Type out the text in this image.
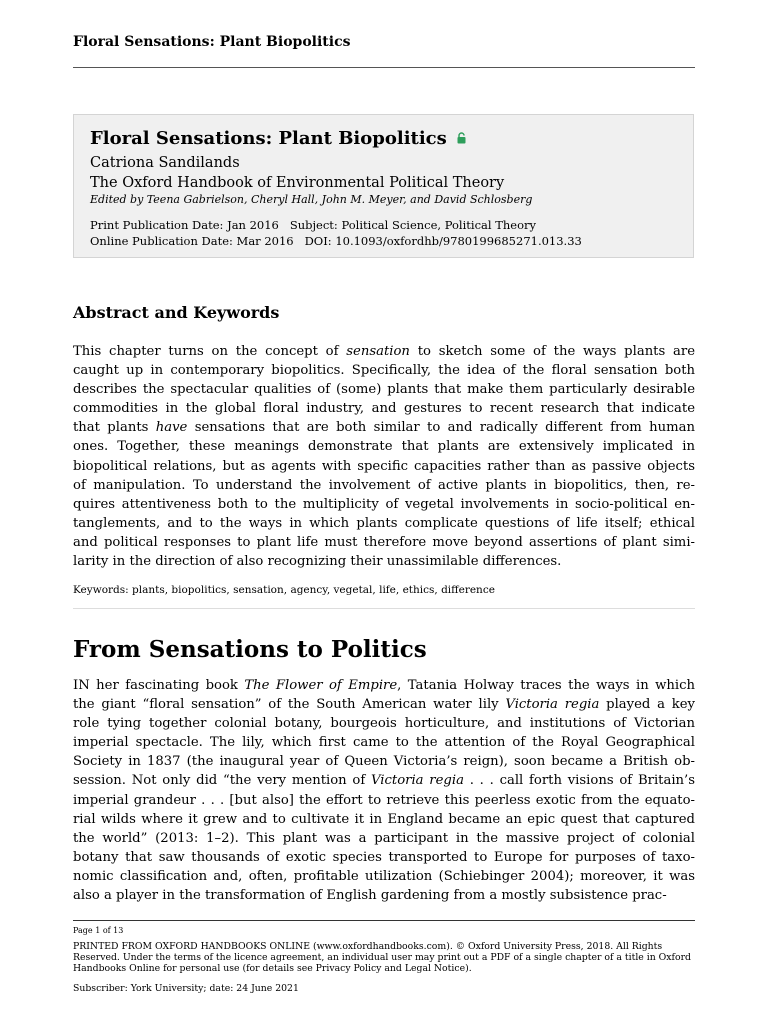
Floral Sensations: Plant Biopolitics
Floral Sensations: Plant Biopolitics
Catriona Sandilands
The Oxford Handbook of Environmental Political Theory
Edited by Teena Gabrielson, Cheryl Hall, John M. Meyer, and David Schlosberg
Print Publication Date: Jan 2016 Subject: Political Science, Political Theory
Online Publication Date: Mar 2016 DOI: 10.1093/oxfordhb/9780199685271.013.33
Abstract and Keywords
This chapter turns on the concept of sensation to sketch some of the ways plants are
caught up in contemporary biopolitics. Specifically, the idea of the floral sensation both
describes the spectacular qualities of (some) plants that make them particularly desirable
commodities in the global floral industry, and gestures to recent research that indicate
that plants have sensations that are both similar to and radically different from human
ones. Together, these meanings demonstrate that plants are extensively implicated in
biopolitical relations, but as agents with specific capacities rather than as passive objects
of manipulation. To understand the involvement of active plants in biopolitics, then, re-
quires attentiveness both to the multiplicity of vegetal involvements in socio-political en-
tanglements, and to the ways in which plants complicate questions of life itself; ethical
and political responses to plant life must therefore move beyond assertions of plant simi-
larity in the direction of also recognizing their unassimilable differences.
Keywords: plants, biopolitics, sensation, agency, vegetal, life, ethics, difference
From Sensations to Politics
IN her fascinating book The Flower of Empire, Tatania Holway traces the ways in which
the giant “floral sensation” of the South American water lily Victoria regia played a key
role tying together colonial botany, bourgeois horticulture, and institutions of Victorian
imperial spectacle. The lily, which first came to the attention of the Royal Geographical
Society in 1837 (the inaugural year of Queen Victoria’s reign), soon became a British ob-
session. Not only did “the very mention of Victoria regia . . . call forth visions of Britain’s
imperial grandeur . . . [but also] the effort to retrieve this peerless exotic from the equato-
rial wilds where it grew and to cultivate it in England became an epic quest that captured
the world” (2013: 1–2). This plant was a participant in the massive project of colonial
botany that saw thousands of exotic species transported to Europe for purposes of taxo-
nomic classification and, often, profitable utilization (Schiebinger 2004); moreover, it was
also a player in the transformation of English gardening from a mostly subsistence prac-
Page 1 of 13
PRINTED FROM OXFORD HANDBOOKS ONLINE (www.oxfordhandbooks.com). © Oxford University Press, 2018. All Rights Reserved. Under the terms of the licence agreement, an individual user may print out a PDF of a single chapter of a title in Oxford Handbooks Online for personal use (for details see Privacy Policy and Legal Notice).
Subscriber: York University; date: 24 June 2021
